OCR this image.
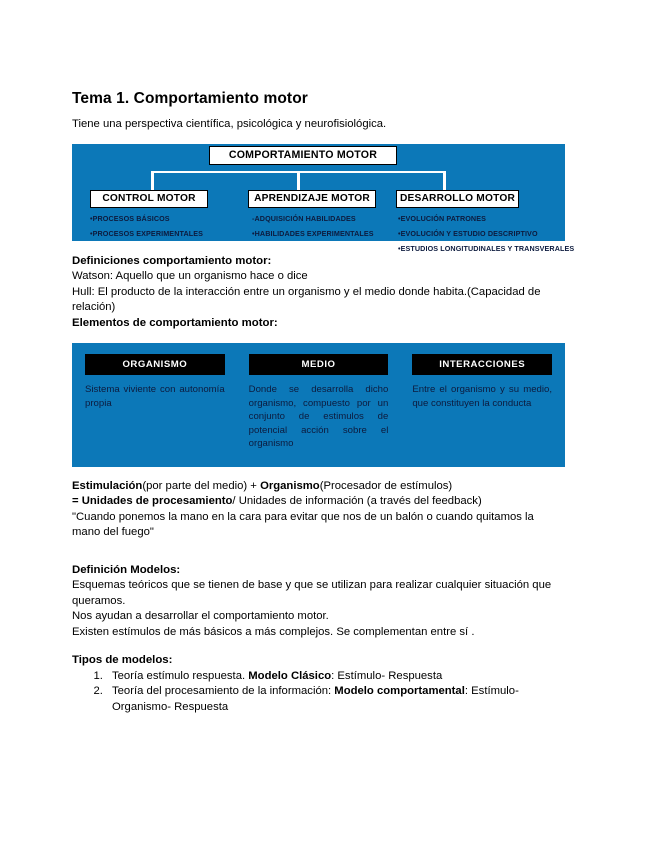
Tema 1. Comportamiento motor

Tiene una perspectiva científica, psicológica y neurofisiológica.

COMPORTAMIENTO MOTOR
CONTROL MOTOR
•PROCESOS BÁSICOS
•PROCESOS EXPERIMENTALES
APRENDIZAJE MOTOR
-ADQUISICIÓN HABILIDADES
•HABILIDADES EXPERIMENTALES
DESARROLLO MOTOR
•EVOLUCIÓN PATRONES
•EVOLUCIÓN Y ESTUDIO DESCRIPTIVO
•ESTUDIOS LONGITUDINALES Y TRANSVERALES
Definiciones comportamiento motor:
Watson: Aquello que un organismo hace o dice
Hull: El producto de la interacción entre un organismo y el medio donde habita.(Capacidad de relación)
Elementos de comportamiento motor:
ORGANISMO
Sistema viviente con autonomía propia
MEDIO
Donde se desarrolla dicho organismo, compuesto por un conjunto de estimulos de potencial acción sobre el organismo
INTERACCIONES
Entre el organismo y su medio, que constituyen la conducta
Estimulación(por parte del medio) + Organismo(Procesador de estímulos)
= Unidades de procesamiento/ Unidades de información (a través del feedback)
"Cuando ponemos la mano en la cara para evitar que nos de un balón o cuando quitamos la mano del fuego"
Definición Modelos:
Esquemas teóricos que se tienen de base y que se utilizan para realizar cualquier situación que queramos.
Nos ayudan a desarrollar el comportamiento motor.
Existen estímulos de más básicos a más complejos. Se complementan entre sí .
Tipos de modelos:
1. Teoría estímulo respuesta. Modelo Clásico: Estímulo- Respuesta
2. Teoría del procesamiento de la información: Modelo comportamental: Estímulo- Organismo- Respuesta
